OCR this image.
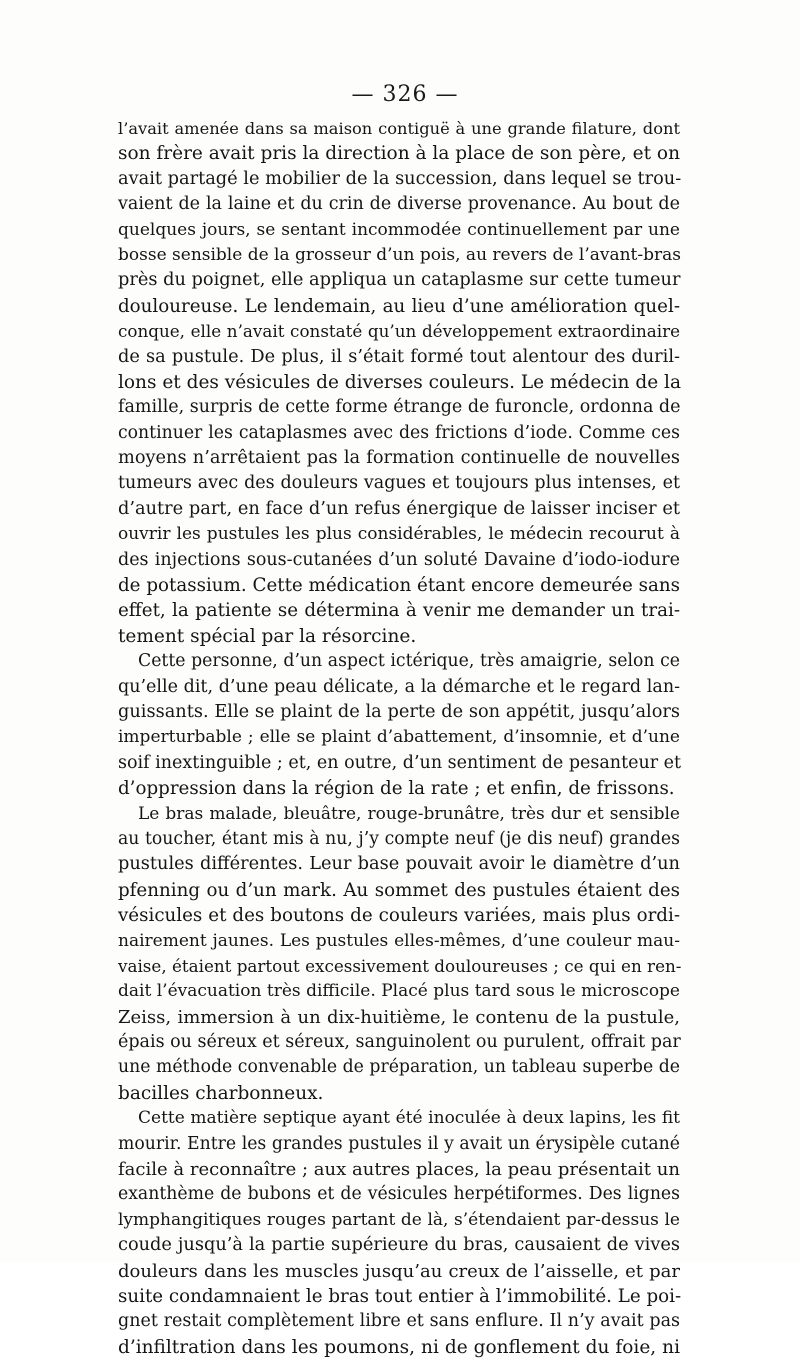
— 326 —
l’avait amenée dans sa maison contiguë à une grande filature, dont
son frère avait pris la direction à la place de son père, et on
avait partagé le mobilier de la succession, dans lequel se trou-
vaient de la laine et du crin de diverse provenance. Au bout de
quelques jours, se sentant incommodée continuellement par une
bosse sensible de la grosseur d’un pois, au revers de l’avant-bras
près du poignet, elle appliqua un cataplasme sur cette tumeur
douloureuse. Le lendemain, au lieu d’une amélioration quel-
conque, elle n’avait constaté qu’un développement extraordinaire
de sa pustule. De plus, il s’était formé tout alentour des duril-
lons et des vésicules de diverses couleurs. Le médecin de la
famille, surpris de cette forme étrange de furoncle, ordonna de
continuer les cataplasmes avec des frictions d’iode. Comme ces
moyens n’arrêtaient pas la formation continuelle de nouvelles
tumeurs avec des douleurs vagues et toujours plus intenses, et
d’autre part, en face d’un refus énergique de laisser inciser et
ouvrir les pustules les plus considérables, le médecin recourut à
des injections sous-cutanées d’un soluté Davaine d’iodo-iodure
de potassium. Cette médication étant encore demeurée sans
effet, la patiente se détermina à venir me demander un trai-
tement spécial par la résorcine.
Cette personne, d’un aspect ictérique, très amaigrie, selon ce
qu’elle dit, d’une peau délicate, a la démarche et le regard lan-
guissants. Elle se plaint de la perte de son appétit, jusqu’alors
imperturbable ; elle se plaint d’abattement, d’insomnie, et d’une
soif inextinguible ; et, en outre, d’un sentiment de pesanteur et
d’oppression dans la région de la rate ; et enfin, de frissons.
Le bras malade, bleuâtre, rouge-brunâtre, très dur et sensible
au toucher, étant mis à nu, j’y compte neuf (je dis neuf) grandes
pustules différentes. Leur base pouvait avoir le diamètre d’un
pfenning ou d’un mark. Au sommet des pustules étaient des
vésicules et des boutons de couleurs variées, mais plus ordi-
nairement jaunes. Les pustules elles-mêmes, d’une couleur mau-
vaise, étaient partout excessivement douloureuses ; ce qui en ren-
dait l’évacuation très difficile. Placé plus tard sous le microscope
Zeiss, immersion à un dix-huitième, le contenu de la pustule,
épais ou séreux et séreux, sanguinolent ou purulent, offrait par
une méthode convenable de préparation, un tableau superbe de
bacilles charbonneux.
Cette matière septique ayant été inoculée à deux lapins, les fit
mourir. Entre les grandes pustules il y avait un érysipèle cutané
facile à reconnaître ; aux autres places, la peau présentait un
exanthème de bubons et de vésicules herpétiformes. Des lignes
lymphangitiques rouges partant de là, s’étendaient par-dessus le
coude jusqu’à la partie supérieure du bras, causaient de vives
douleurs dans les muscles jusqu’au creux de l’aisselle, et par
suite condamnaient le bras tout entier à l’immobilité. Le poi-
gnet restait complètement libre et sans enflure. Il n’y avait pas
d’infiltration dans les poumons, ni de gonflement du foie, ni
